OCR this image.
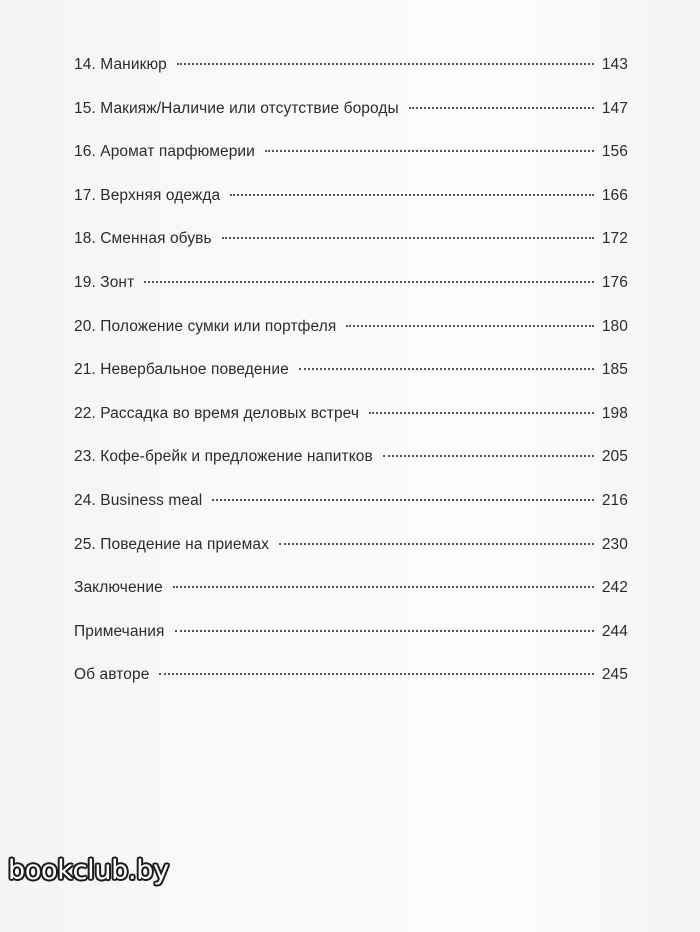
14. Маникюр	143
15. Макияж/Наличие или отсутствие бороды	147
16. Аромат парфюмерии	156
17. Верхняя одежда	166
18. Сменная обувь	172
19. Зонт	176
20. Положение сумки или портфеля	180
21. Невербальное поведение	185
22. Рассадка во время деловых встреч	198
23. Кофе-брейк и предложение напитков	205
24. Business meal	216
25. Поведение на приемах	230
Заключение	242
Примечания	244
Об авторе	245
bookclub.by
